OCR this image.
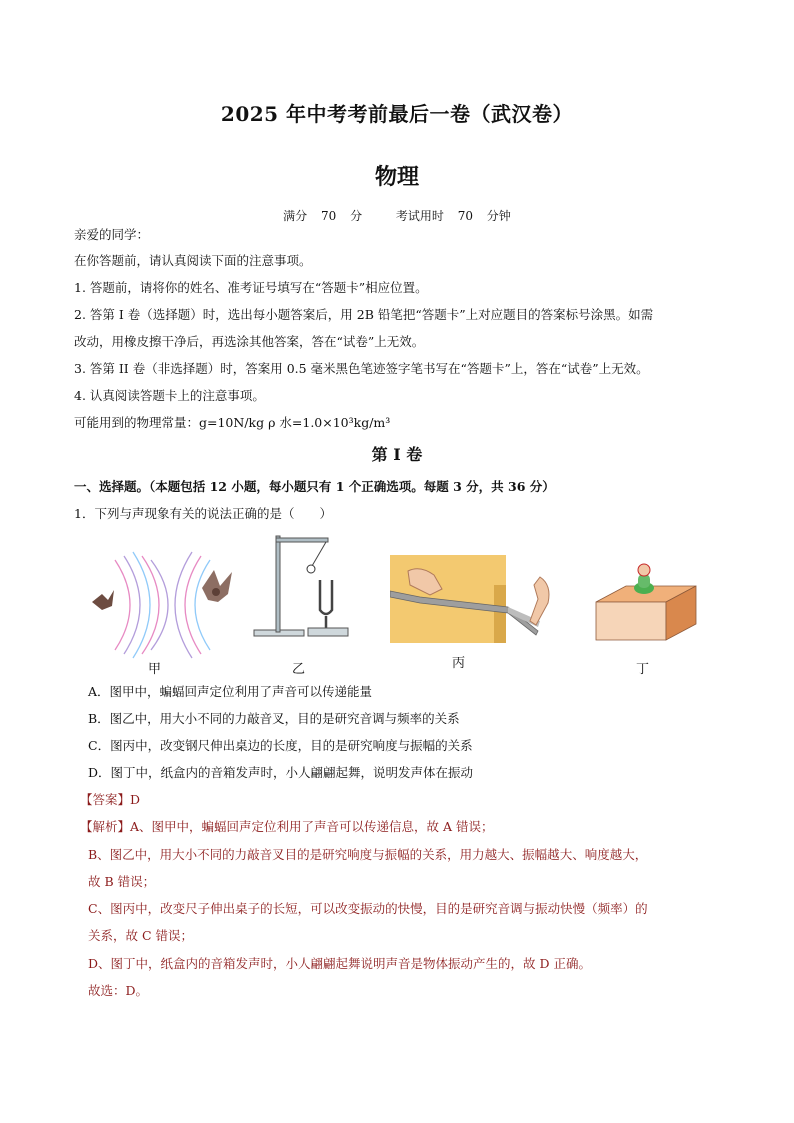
2025 年中考考前最后一卷（武汉卷）
物理
满分 70 分	考试用时 70 分钟
亲爱的同学：
在你答题前，请认真阅读下面的注意事项。
1. 答题前，请将你的姓名、准考证号填写在“答题卡”相应位置。
2. 答第 I 卷（选择题）时，选出每小题答案后，用 2B 铅笔把“答题卡”上对应题目的答案标号涂黑。如需
改动，用橡皮擦干净后，再选涂其他答案，答在“试卷”上无效。
3. 答第 II 卷（非选择题）时，答案用 0.5 毫米黑色笔迹签字笔书写在“答题卡”上，答在“试卷”上无效。
4. 认真阅读答题卡上的注意事项。
可能用到的物理常量：g=10N/kg ρ 水=1.0×10³kg/m³
第 I 卷
一、选择题。（本题包括 12 小题，每小题只有 1 个正确选项。每题 3 分，共 36 分）
1．下列与声现象有关的说法正确的是（　　）
甲	乙	丙	丁
A．图甲中，蝙蝠回声定位利用了声音可以传递能量
B．图乙中，用大小不同的力敲音叉，目的是研究音调与频率的关系
C．图丙中，改变钢尺伸出桌边的长度，目的是研究响度与振幅的关系
D．图丁中，纸盒内的音箱发声时，小人翩翩起舞，说明发声体在振动
【答案】D
【解析】A、图甲中，蝙蝠回声定位利用了声音可以传递信息，故 A 错误；
B、图乙中，用大小不同的力敲音叉目的是研究响度与振幅的关系，用力越大、振幅越大、响度越大，
故 B 错误；
C、图丙中，改变尺子伸出桌子的长短，可以改变振动的快慢，目的是研究音调与振动快慢（频率）的
关系，故 C 错误；
D、图丁中，纸盒内的音箱发声时，小人翩翩起舞说明声音是物体振动产生的，故 D 正确。
故选：D。
